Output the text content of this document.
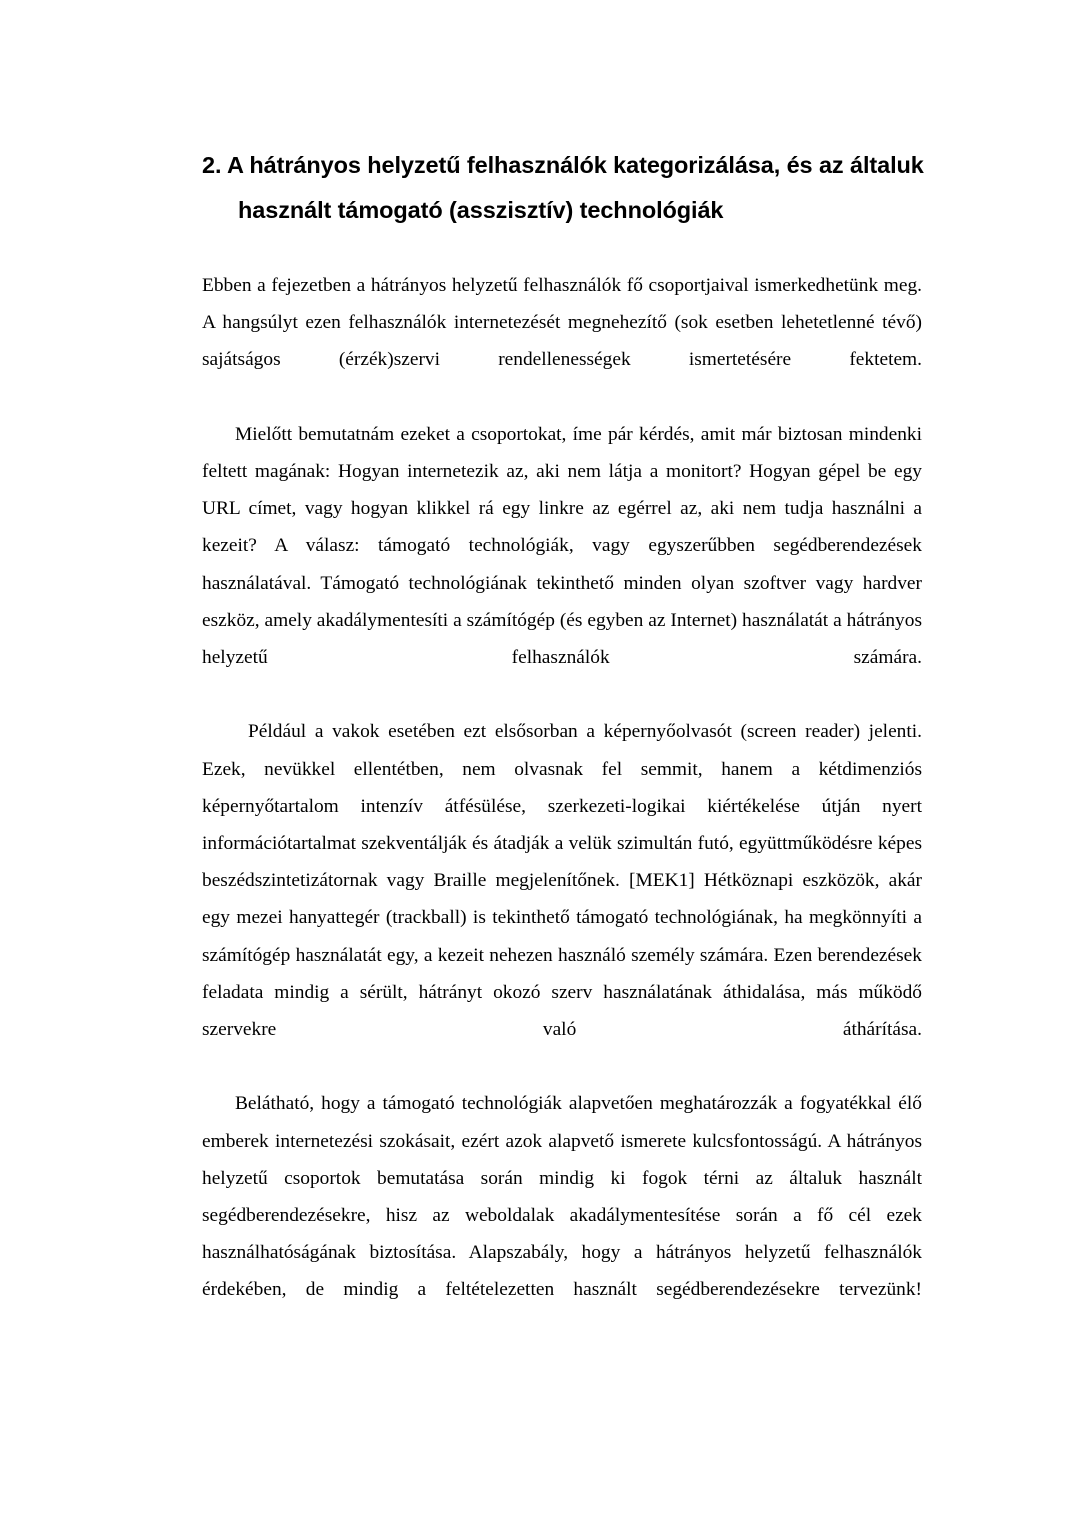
2. A hátrányos helyzetű felhasználók kategorizálása, és az általuk használt támogató (asszisztív) technológiák

Ebben a fejezetben a hátrányos helyzetű felhasználók fő csoportjaival ismerkedhetünk meg. A hangsúlyt ezen felhasználók internetezését megnehezítő (sok esetben lehetetlenné tévő) sajátságos (érzék)szervi rendellenességek ismertetésére fektetem.

Mielőtt bemutatnám ezeket a csoportokat, íme pár kérdés, amit már biztosan mindenki feltett magának: Hogyan internetezik az, aki nem látja a monitort? Hogyan gépel be egy URL címet, vagy hogyan klikkel rá egy linkre az egérrel az, aki nem tudja használni a kezeit? A válasz: támogató technológiák, vagy egyszerűbben segédberendezések használatával. Támogató technológiának tekinthető minden olyan szoftver vagy hardver eszköz, amely akadálymentesíti a számítógép (és egyben az Internet) használatát a hátrányos helyzetű felhasználók számára.

Például a vakok esetében ezt elsősorban a képernyőolvasót (screen reader) jelenti. Ezek, nevükkel ellentétben, nem olvasnak fel semmit, hanem a kétdimenziós képernyőtartalom intenzív átfésülése, szerkezeti-logikai kiértékelése útján nyert információtartalmat szekventálják és átadják a velük szimultán futó, együttműködésre képes beszédszintetizátornak vagy Braille megjelenítőnek. [MEK1] Hétköznapi eszközök, akár egy mezei hanyattegér (trackball) is tekinthető támogató technológiának, ha megkönnyíti a számítógép használatát egy, a kezeit nehezen használó személy számára. Ezen berendezések feladata mindig a sérült, hátrányt okozó szerv használatának áthidalása, más működő szervekre való áthárítása.

Belátható, hogy a támogató technológiák alapvetően meghatározzák a fogyatékkal élő emberek internetezési szokásait, ezért azok alapvető ismerete kulcsfontosságú. A hátrányos helyzetű csoportok bemutatása során mindig ki fogok térni az általuk használt segédberendezésekre, hisz az weboldalak akadálymentesítése során a fő cél ezek használhatóságának biztosítása. Alapszabály, hogy a hátrányos helyzetű felhasználók érdekében, de mindig a feltételezetten használt segédberendezésekre tervezünk!
